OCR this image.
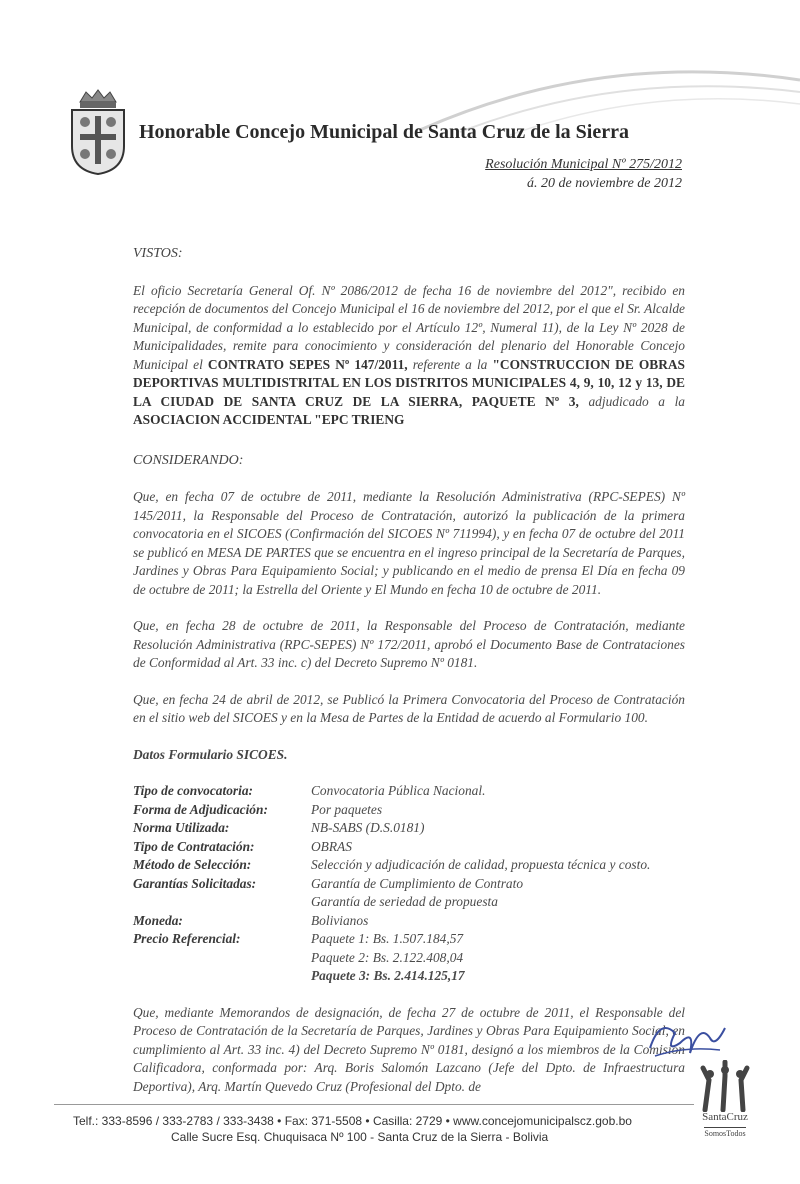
Honorable Concejo Municipal de Santa Cruz de la Sierra
Resolución Municipal Nº 275/2012
á. 20 de noviembre de 2012

VISTOS:

El oficio Secretaría General Of. Nº 2086/2012 de fecha 16 de noviembre del 2012", recibido en recepción de documentos del Concejo Municipal el 16 de noviembre del 2012, por el que el Sr. Alcalde Municipal, de conformidad a lo establecido por el Artículo 12º, Numeral 11), de la Ley Nº 2028 de Municipalidades, remite para conocimiento y consideración del plenario del Honorable Concejo Municipal el CONTRATO SEPES Nº 147/2011, referente a la "CONSTRUCCION DE OBRAS DEPORTIVAS MULTIDISTRITAL EN LOS DISTRITOS MUNICIPALES 4, 9, 10, 12 y 13, DE LA CIUDAD DE SANTA CRUZ DE LA SIERRA, PAQUETE Nº 3, adjudicado a la ASOCIACION ACCIDENTAL "EPC TRIENG

CONSIDERANDO:

Que, en fecha 07 de octubre de 2011, mediante la Resolución Administrativa (RPC-SEPES) Nº 145/2011, la Responsable del Proceso de Contratación, autorizó la publicación de la primera convocatoria en el SICOES (Confirmación del SICOES Nº 711994), y en fecha 07 de octubre del 2011 se publicó en MESA DE PARTES que se encuentra en el ingreso principal de la Secretaría de Parques, Jardines y Obras Para Equipamiento Social; y publicando en el medio de prensa El Día en fecha 09 de octubre de 2011; la Estrella del Oriente y El Mundo en fecha 10 de octubre de 2011.

Que, en fecha 28 de octubre de 2011, la Responsable del Proceso de Contratación, mediante Resolución Administrativa (RPC-SEPES) Nº 172/2011, aprobó el Documento Base de Contrataciones de Conformidad al Art. 33 inc. c) del Decreto Supremo Nº 0181.

Que, en fecha 24 de abril de 2012, se Publicó la Primera Convocatoria del Proceso de Contratación en el sitio web del SICOES y en la Mesa de Partes de la Entidad de acuerdo al Formulario 100.

Datos Formulario SICOES.

Tipo de convocatoria:	Convocatoria Pública Nacional.
Forma de Adjudicación:	Por paquetes
Norma Utilizada:	NB-SABS (D.S.0181)
Tipo de Contratación:	OBRAS
Método de Selección:	Selección y adjudicación de calidad, propuesta técnica y costo.
Garantías Solicitadas:	Garantía de Cumplimiento de Contrato
Garantía de seriedad de propuesta
Moneda:	Bolivianos
Precio Referencial:	Paquete 1: Bs. 1.507.184,57
Paquete 2: Bs. 2.122.408,04
Paquete 3: Bs. 2.414.125,17

Que, mediante Memorandos de designación, de fecha 27 de octubre de 2011, el Responsable del Proceso de Contratación de la Secretaría de Parques, Jardines y Obras Para Equipamiento Social, en cumplimiento al Art. 33 inc. 4) del Decreto Supremo Nº 0181, designó a los miembros de la Comisión Calificadora, conformada por: Arq. Boris Salomón Lazcano (Jefe del Dpto. de Infraestructura Deportiva), Arq. Martín Quevedo Cruz (Profesional del Dpto. de

SantaCruz
SomosTodos
Telf.: 333-8596 / 333-2783 / 333-3438 • Fax: 371-5508 • Casilla: 2729 • www.concejomunicipalscz.gob.bo
Calle Sucre Esq. Chuquisaca Nº 100 - Santa Cruz de la Sierra - Bolivia
